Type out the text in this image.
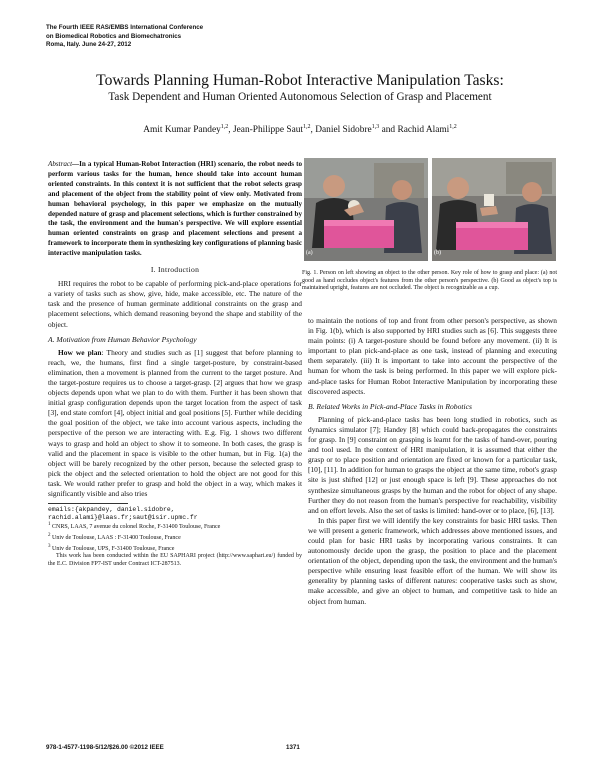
The Fourth IEEE RAS/EMBS International Conference
on Biomedical Robotics and Biomechatronics
Roma, Italy. June 24-27, 2012
Towards Planning Human-Robot Interactive Manipulation Tasks:
Task Dependent and Human Oriented Autonomous Selection of Grasp and Placement
Amit Kumar Pandey$^{1,2}$, Jean-Philippe Saut$^{1,2}$, Daniel Sidobre$^{1,3}$ and Rachid Alami$^{1,2}$
Abstract—In a typical Human-Robot Interaction (HRI) scenario, the robot needs to perform various tasks for the human, hence should take into account human oriented constraints. In this context it is not sufficient that the robot selects grasp and placement of the object from the stability point of view only. Motivated from human behavioral psychology, in this paper we emphasize on the mutually depended nature of grasp and placement selections, which is further constrained by the task, the environment and the human's perspective. We will explore essential human oriented constraints on grasp and placement selections and present a framework to incorporate them in synthesizing key configurations of planning basic interactive manipulation tasks.
I. Introduction

HRI requires the robot to be capable of performing pick-and-place operations for a variety of tasks such as show, give, hide, make accessible, etc. The nature of the task and the presence of human germinate additional constraints on the grasp and placement selections, which demand reasoning beyond the shape and stability of the object.

A. Motivation from Human Behavior Psychology

How we plan: Theory and studies such as [1] suggest that before planning to reach, we, the humans, first find a single target-posture, by constraint-based elimination, then a movement is planned from the current to the target posture. And the target-posture requires us to choose a target-grasp. [2] argues that how we grasp objects depends upon what we plan to do with them. Further it has been shown that initial grasp configuration depends upon the target location from the aspect of task [3], end state comfort [4], object initial and goal positions [5]. Further while deciding the goal position of the object, we take into account various aspects, including the perspective of the person we are interacting with. E.g. Fig. 1 shows two different ways to grasp and hold an object to show it to someone. In both cases, the grasp is valid and the placement in space is visible to the other human, but in Fig. 1(a) the object will be barely recognized by the other person, because the selected grasp to pick the object and the selected orientation to hold the object are not good for this task. We would rather prefer to grasp and hold the object in a way, which makes it significantly visible and also tries

emails:{akpandey, daniel.sidobre,
rachid.alami}@laas.fr;saut@isir.upmc.fr
$^1$ CNRS, LAAS, 7 avenue du colonel Roche, F-31400 Toulouse, France
$^2$ Univ de Toulouse, LAAS : F-31400 Toulouse, France
$^3$ Univ de Toulouse, UPS, F-31400 Toulouse, France
This work has been conducted within the EU SAPHARI project (http://www.saphari.eu/) funded by the E.C. Division FP7-IST under Contract ICT-287513.
(a)	(b)
Fig. 1. Person on left showing an object to the other person. Key role of how to grasp and place: (a) not good as hand occludes object's features from the other person's perspective. (b) Good as object's top is maintained upright, features are not occluded. The object is recognizable as a cup.

to maintain the notions of top and front from other person's perspective, as shown in Fig. 1(b), which is also supported by HRI studies such as [6]. This suggests three main points: (i) A target-posture should be found before any movement. (ii) It is important to plan pick-and-place as one task, instead of planning and executing them separately. (iii) It is important to take into account the perspective of the human for whom the task is being performed. In this paper we will explore pick-and-place tasks for Human Robot Interactive Manipulation by incorporating these discovered aspects.

B. Related Works in Pick-and-Place Tasks in Robotics

Planning of pick-and-place tasks has been long studied in robotics, such as dynamics simulator [7]; Handey [8] which could back-propagates the constraints for grasp. In [9] constraint on grasping is learnt for the tasks of hand-over, pouring and tool used. In the context of HRI manipulation, it is assumed that either the grasp or to place position and orientation are fixed or known for a particular task, [10], [11]. In addition for human to grasps the object at the same time, robot's grasp site is just shifted [12] or just enough space is left [9]. These approaches do not synthesize simultaneous grasps by the human and the robot for object of any shape. Further they do not reason from the human's perspective for reachability, visibility and on effort levels. Also the set of tasks is limited: hand-over or to place, [6], [13].

In this paper first we will identify the key constraints for basic HRI tasks. Then we will present a generic framework, which addresses above mentioned issues, and could plan for basic HRI tasks by incorporating various constraints. It can autonomously decide upon the grasp, the position to place and the placement orientation of the object, depending upon the task, the environment and the human's perspective while ensuring least feasible effort of the human. We will show its generality by planning tasks of different natures: cooperative tasks such as show, make accessible, and give an object to human, and competitive task to hide an object from human.

978-1-4577-1198-5/12/$26.00 ©2012 IEEE	1371
